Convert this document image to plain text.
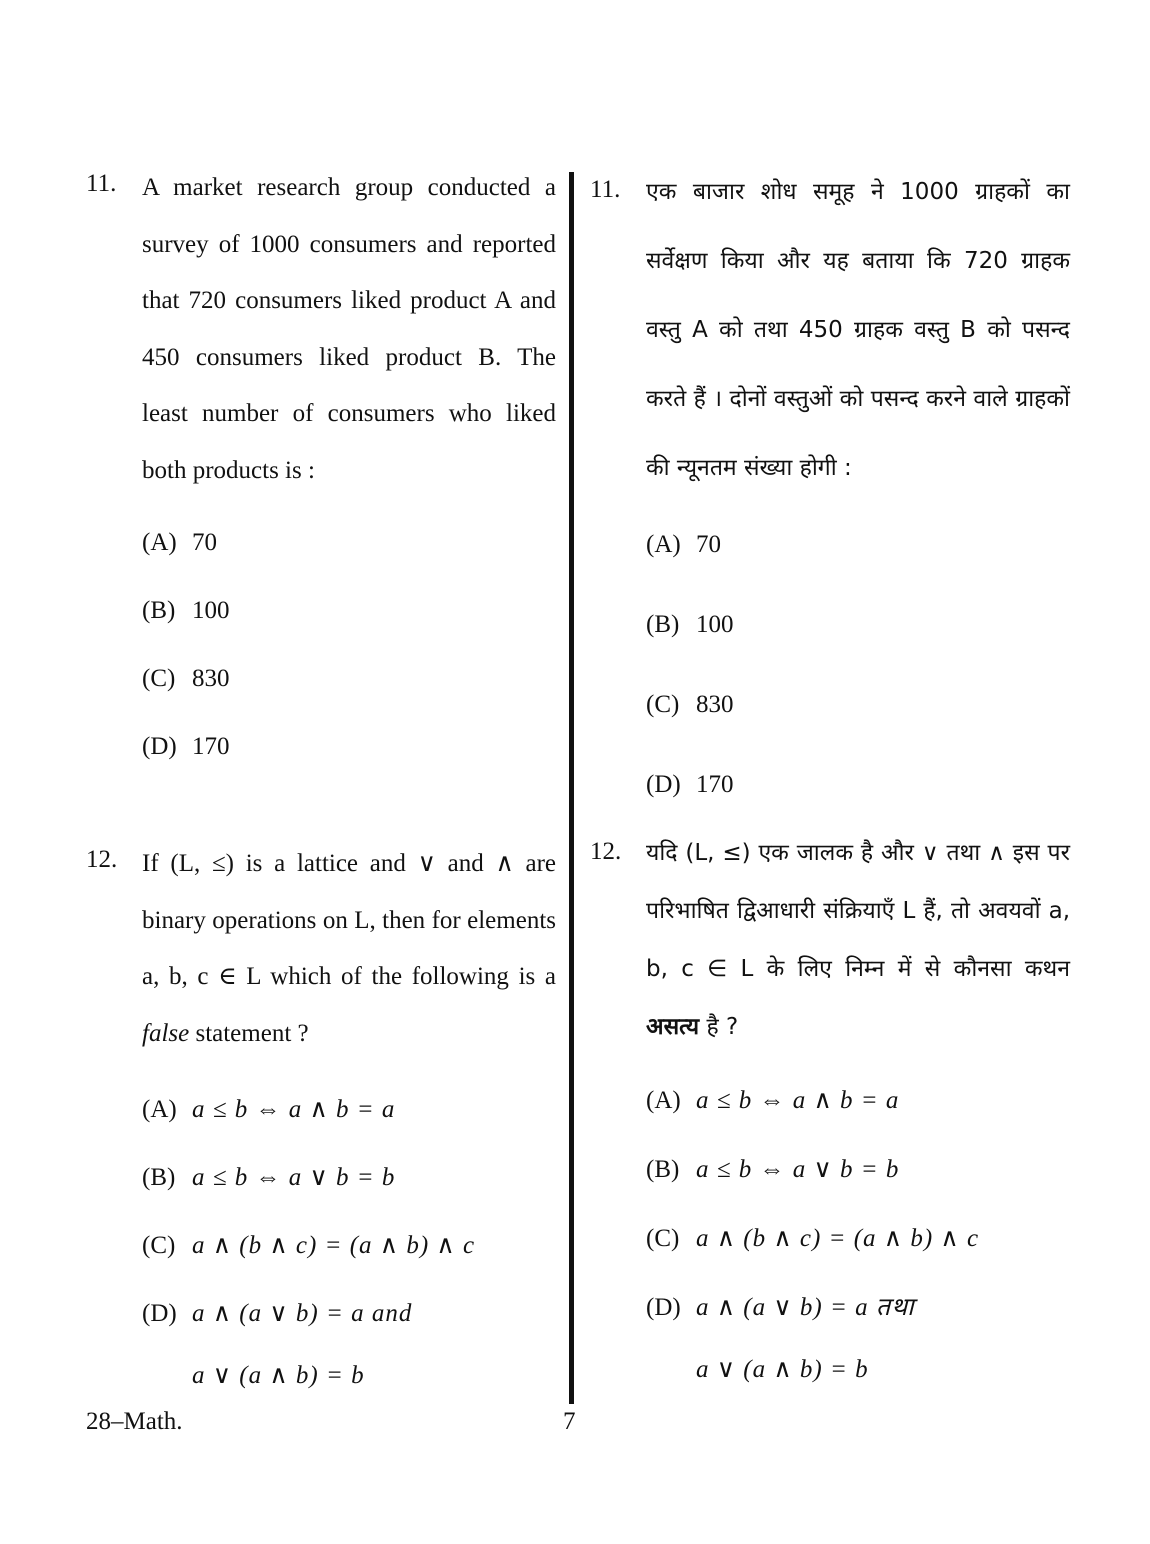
11. A market research group conducted a survey of 1000 consumers and reported that 720 consumers liked product A and 450 consumers liked product B. The least number of consumers who liked both products is :
(A) 70
(B) 100
(C) 830
(D) 170
12. If (L, ≤) is a lattice and ∨ and ∧ are binary operations on L, then for elements a, b, c ∈ L which of the following is a false statement ?
(A) a ≤ b ⇔ a ∧ b = a
(B) a ≤ b ⇔ a ∨ b = b
(C) a ∧ (b ∧ c) = (a ∧ b) ∧ c
(D) a ∧ (a ∨ b) = a and
a ∨ (a ∧ b) = b
11. एक बाजार शोध समूह ने 1000 ग्राहकों का सर्वेक्षण किया और यह बताया कि 720 ग्राहक वस्तु A को तथा 450 ग्राहक वस्तु B को पसन्द करते हैं । दोनों वस्तुओं को पसन्द करने वाले ग्राहकों की न्यूनतम संख्या होगी :
(A) 70
(B) 100
(C) 830
(D) 170
12. यदि (L, ≤) एक जालक है और ∨ तथा ∧ इस पर परिभाषित द्विआधारी संक्रियाएँ L हैं, तो अवयवों a, b, c ∈ L के लिए निम्न में से कौनसा कथन असत्य है ?
(A) a ≤ b ⇔ a ∧ b = a
(B) a ≤ b ⇔ a ∨ b = b
(C) a ∧ (b ∧ c) = (a ∧ b) ∧ c
(D) a ∧ (a ∨ b) = a तथा
a ∨ (a ∧ b) = b
28–Math.	7
